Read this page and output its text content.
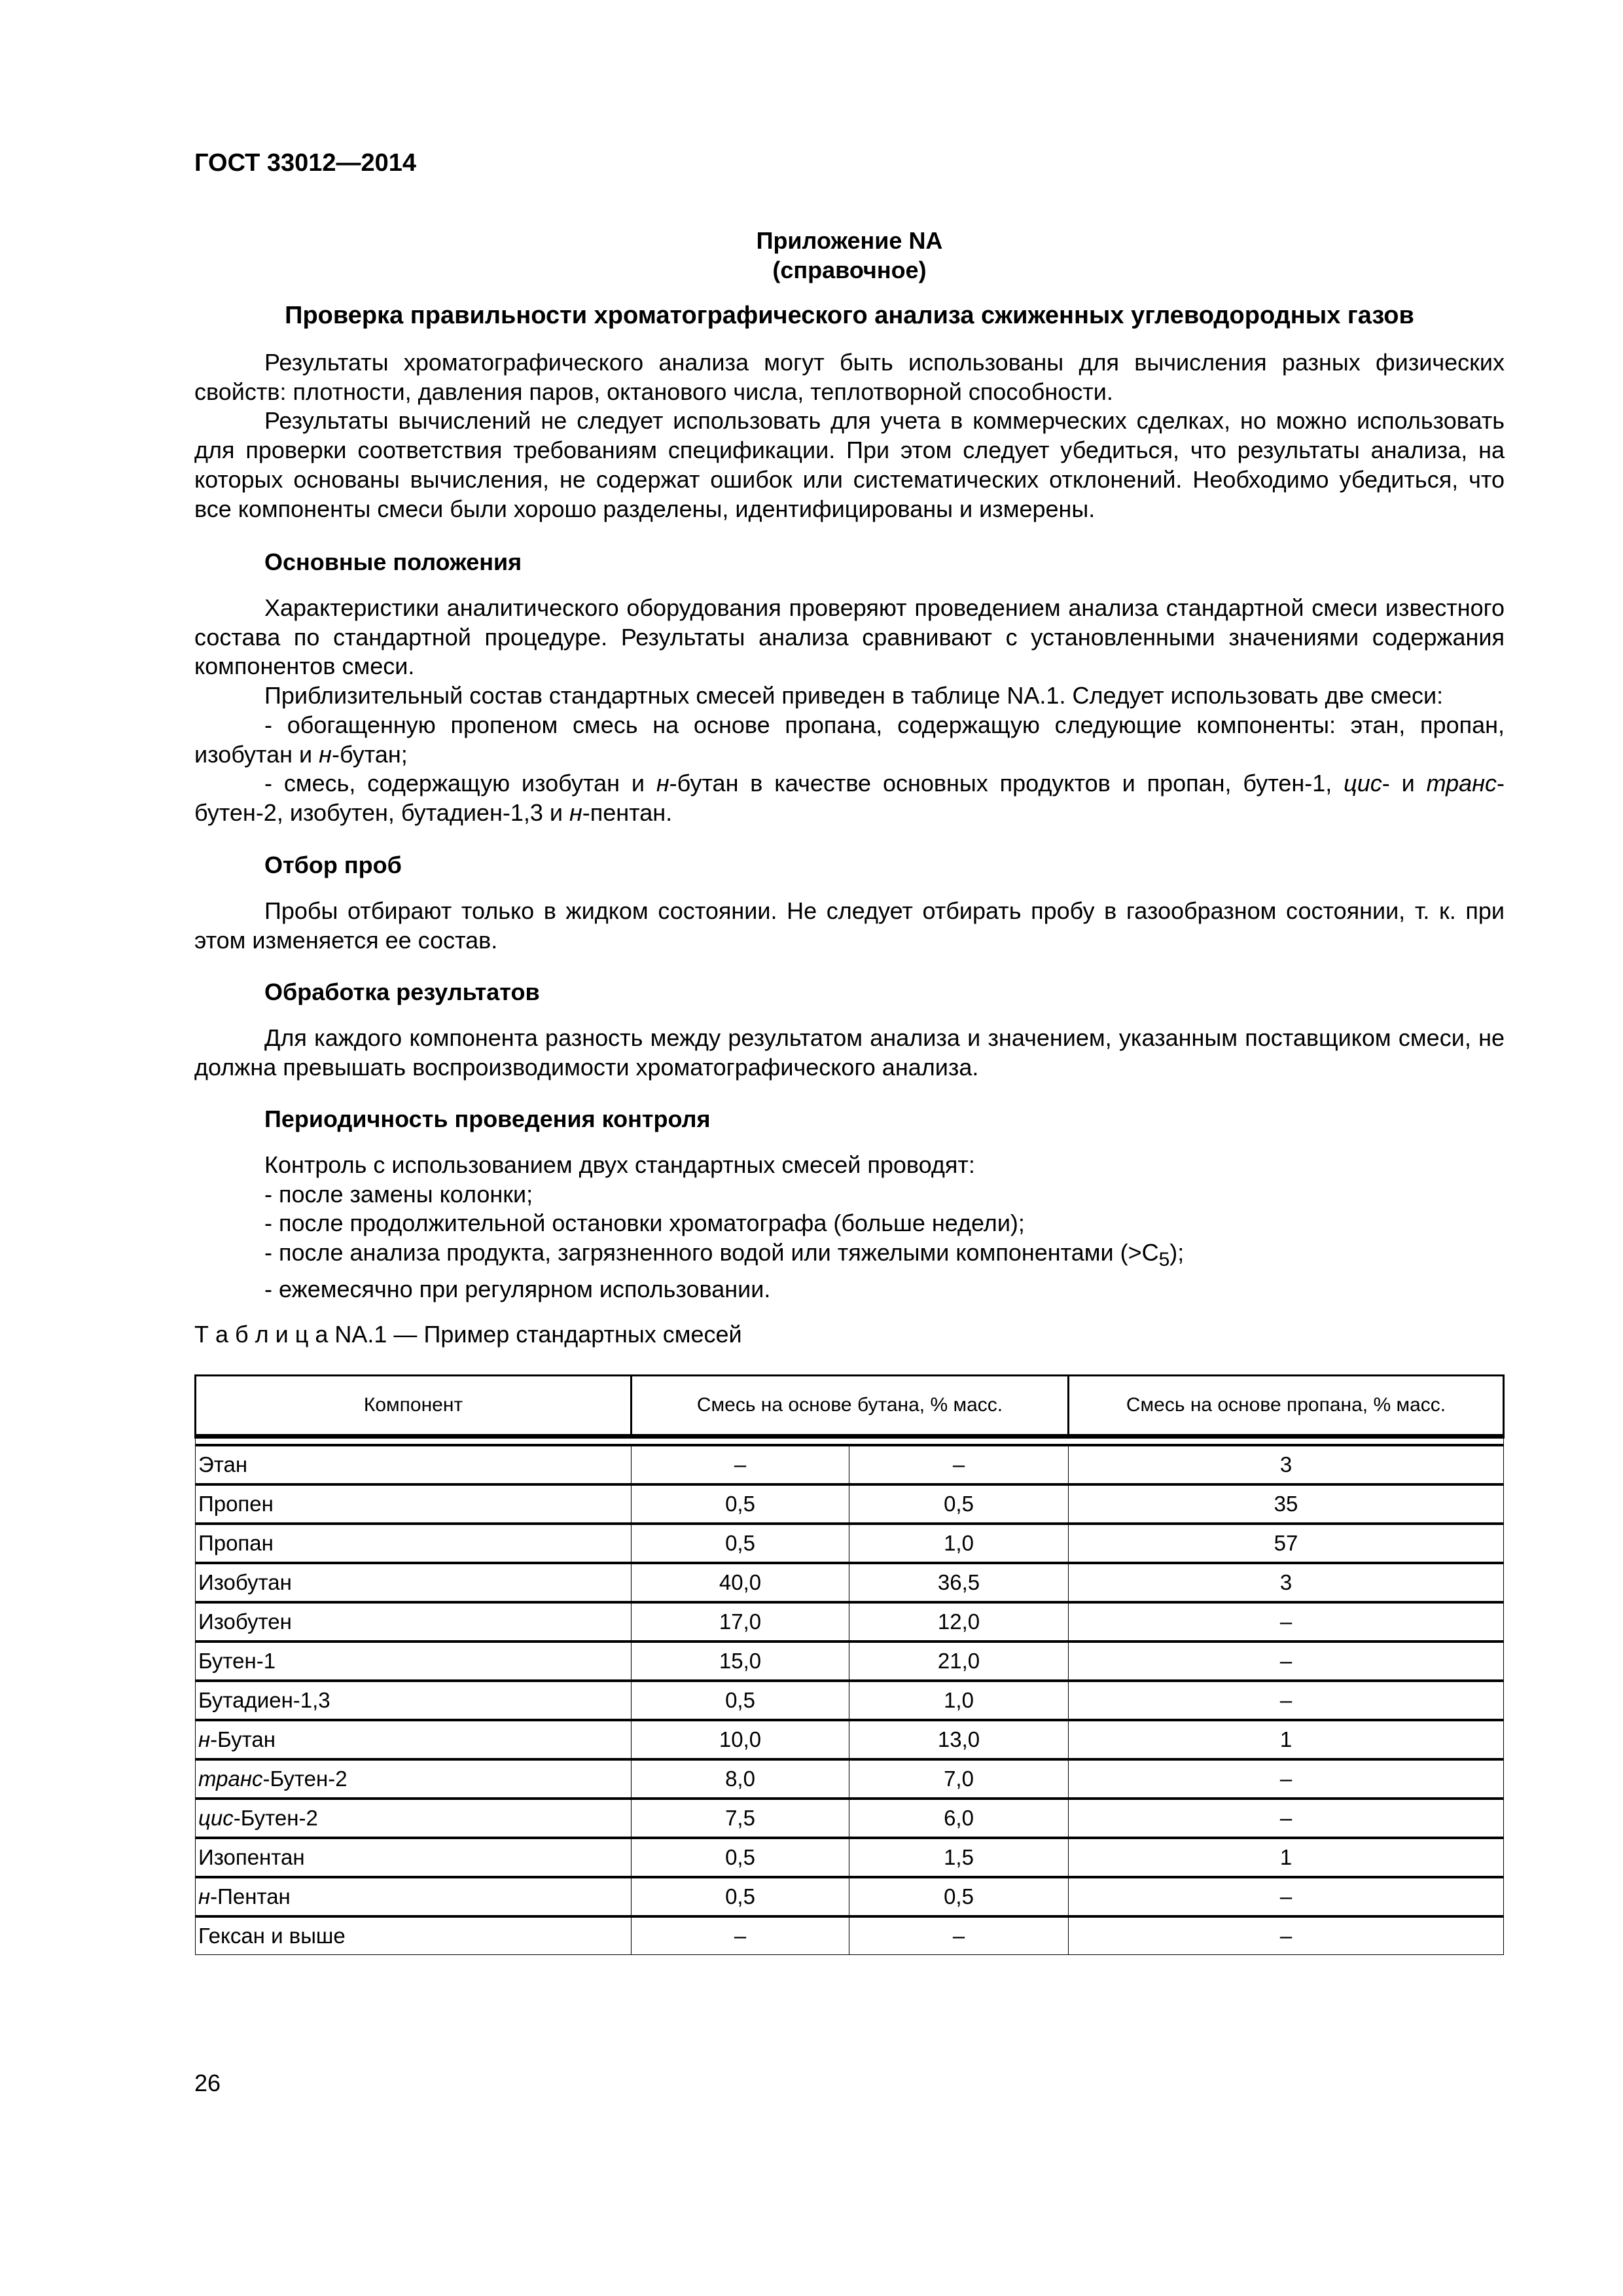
ГОСТ 33012—2014
Приложение NA
(справочное)
Проверка правильности хроматографического анализа сжиженных углеводородных газов

Результаты хроматографического анализа могут быть использованы для вычисления разных физических свойств: плотности, давления паров, октанового числа, теплотворной способности.

Результаты вычислений не следует использовать для учета в коммерческих сделках, но можно использовать для проверки соответствия требованиям спецификации. При этом следует убедиться, что результаты анализа, на которых основаны вычисления, не содержат ошибок или систематических отклонений. Необходимо убедиться, что все компоненты смеси были хорошо разделены, идентифицированы и измерены.

Основные положения

Характеристики аналитического оборудования проверяют проведением анализа стандартной смеси известного состава по стандартной процедуре. Результаты анализа сравнивают с установленными значениями содержания компонентов смеси.

Приблизительный состав стандартных смесей приведен в таблице NA.1. Следует использовать две смеси:

- обогащенную пропеном смесь на основе пропана, содержащую следующие компоненты: этан, пропан, изобутан и н-бутан;

- смесь, содержащую изобутан и н-бутан в качестве основных продуктов и пропан, бутен-1, цис- и транс-бутен-2, изобутен, бутадиен-1,3 и н-пентан.

Отбор проб

Пробы отбирают только в жидком состоянии. Не следует отбирать пробу в газообразном состоянии, т. к. при этом изменяется ее состав.

Обработка результатов

Для каждого компонента разность между результатом анализа и значением, указанным поставщиком смеси, не должна превышать воспроизводимости хроматографического анализа.

Периодичность проведения контроля
Контроль с использованием двух стандартных смесей проводят:
- после замены колонки;
- после продолжительной остановки хроматографа (больше недели);
- после анализа продукта, загрязненного водой или тяжелыми компонентами $(>C_5)$;
- ежемесячно при регулярном использовании.
Т а б л и ц а NA.1 — Пример стандартных смесей
Компонент	Смесь на основе бутана, % масс.		Смесь на основе пропана, % масс.

Этан	–	–	3
Пропен	0,5	0,5	35
Пропан	0,5	1,0	57
Изобутан	40,0	36,5	3
Изобутен	17,0	12,0	–
Бутен-1	15,0	21,0	–
Бутадиен-1,3	0,5	1,0	–
н-Бутан	10,0	13,0	1
транс-Бутен-2	8,0	7,0	–
цис-Бутен-2	7,5	6,0	–
Изопентан	0,5	1,5	1
н-Пентан	0,5	0,5	–
Гексан и выше	–	–	–
26
